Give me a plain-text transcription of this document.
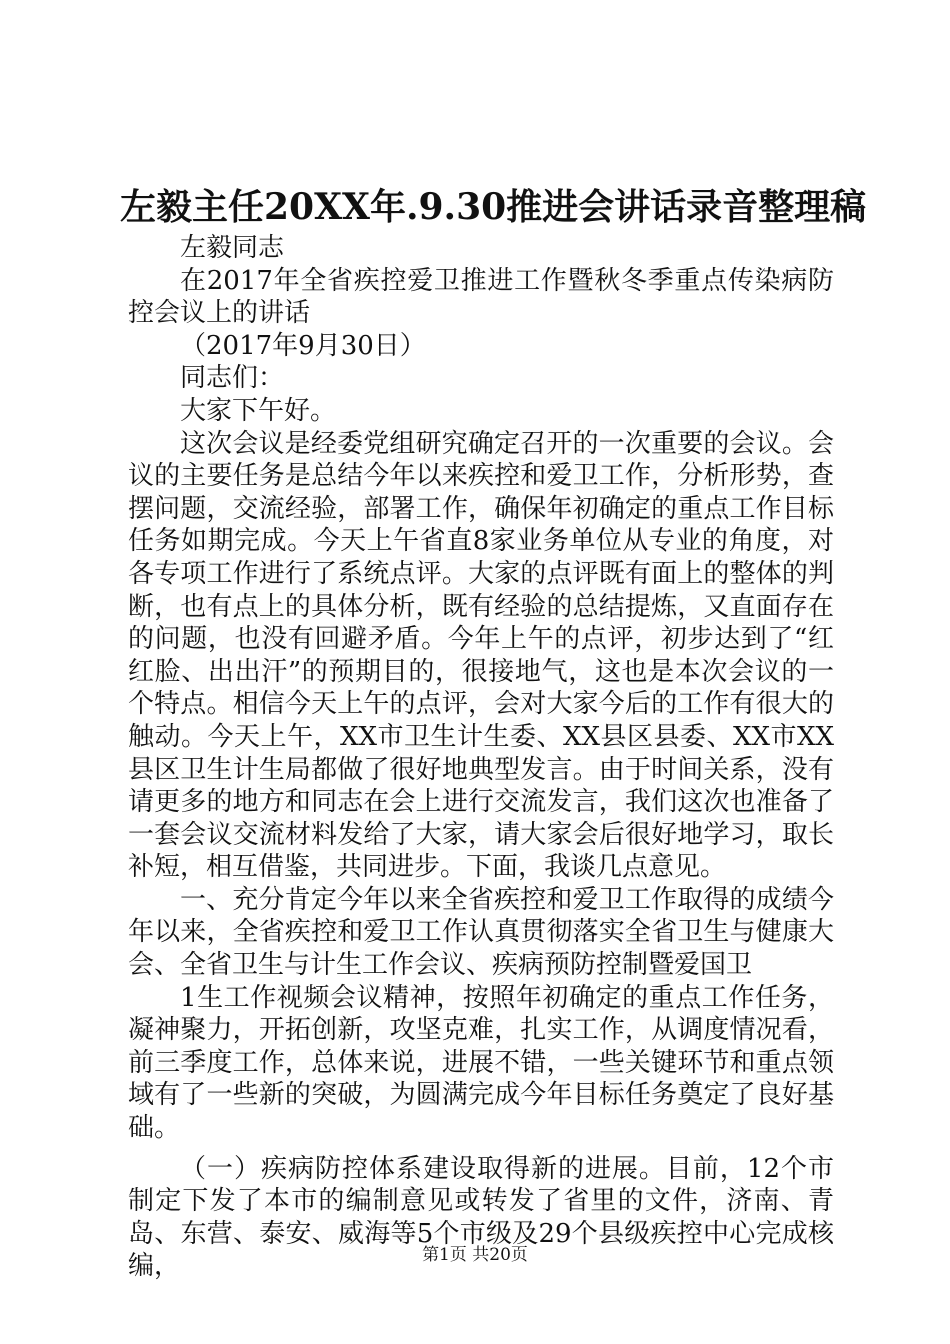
左毅主任20XX年.9.30推进会讲话录音整理稿

左毅同志

在2017年全省疾控爱卫推进工作暨秋冬季重点传染病防控会议上的讲话

（2017年9月30日）

同志们：

大家下午好。

这次会议是经委党组研究确定召开的一次重要的会议。会议的主要任务是总结今年以来疾控和爱卫工作，分析形势，查摆问题，交流经验，部署工作，确保年初确定的重点工作目标任务如期完成。今天上午省直8家业务单位从专业的角度，对各专项工作进行了系统点评。大家的点评既有面上的整体的判断，也有点上的具体分析，既有经验的总结提炼，又直面存在的问题，也没有回避矛盾。今年上午的点评，初步达到了“红红脸、出出汗”的预期目的，很接地气，这也是本次会议的一个特点。相信今天上午的点评，会对大家今后的工作有很大的触动。今天上午，XX市卫生计生委、XX县区县委、XX市XX县区卫生计生局都做了很好地典型发言。由于时间关系，没有请更多的地方和同志在会上进行交流发言，我们这次也准备了一套会议交流材料发给了大家，请大家会后很好地学习，取长补短，相互借鉴，共同进步。下面，我谈几点意见。

一、充分肯定今年以来全省疾控和爱卫工作取得的成绩今年以来，全省疾控和爱卫工作认真贯彻落实全省卫生与健康大会、全省卫生与计生工作会议、疾病预防控制暨爱国卫

1生工作视频会议精神，按照年初确定的重点工作任务，凝神聚力，开拓创新，攻坚克难，扎实工作，从调度情况看，前三季度工作，总体来说，进展不错，一些关键环节和重点领域有了一些新的突破，为圆满完成今年目标任务奠定了良好基础。

（一）疾病防控体系建设取得新的进展。目前，12个市制定下发了本市的编制意见或转发了省里的文件，济南、青岛、东营、泰安、威海等5个市级及29个县级疾控中心完成核编，	第1页 共20页
